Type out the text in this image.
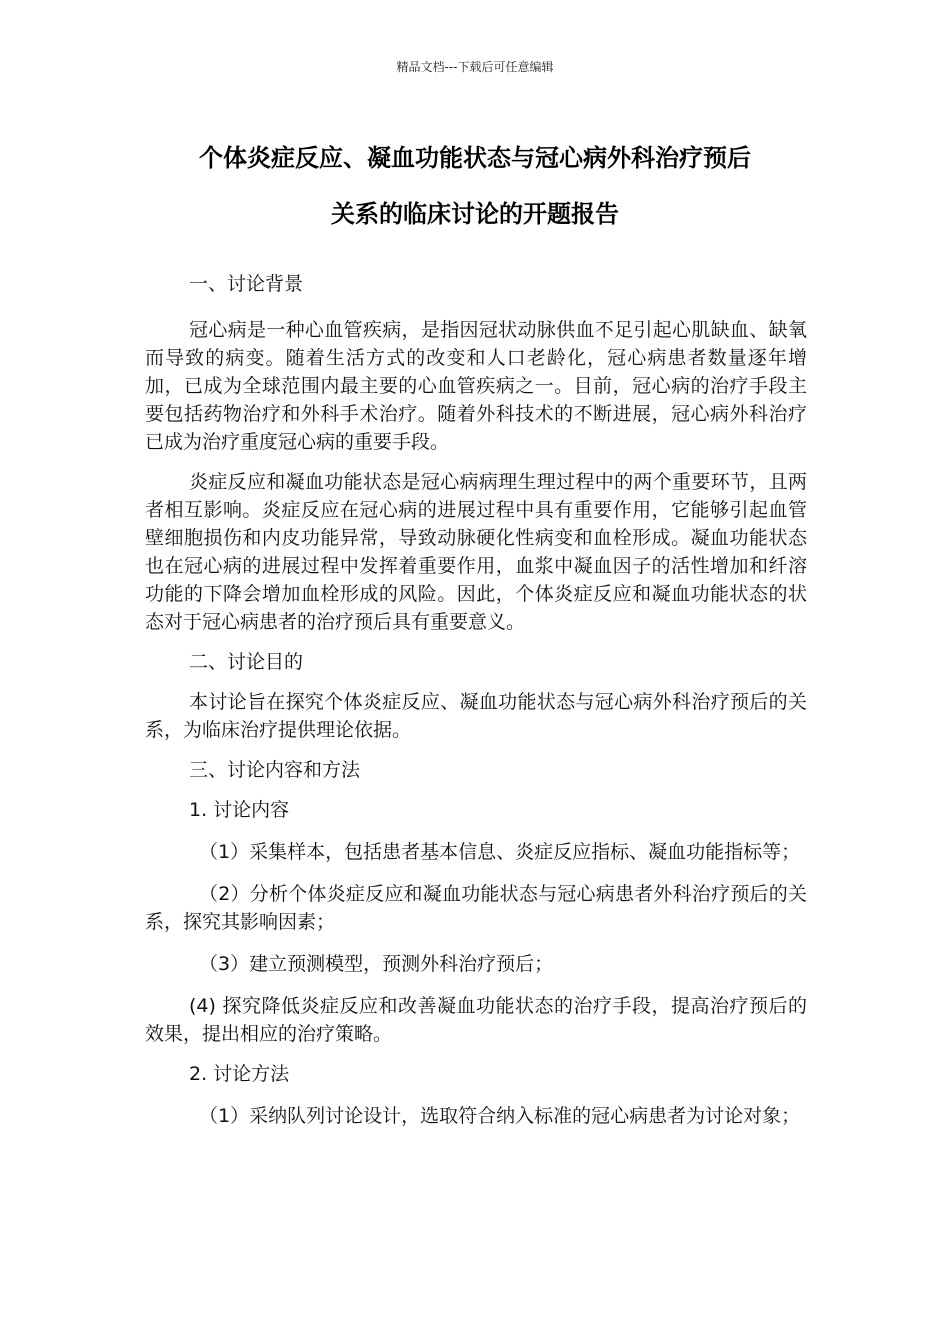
精品文档---下载后可任意编辑
个体炎症反应、凝血功能状态与冠心病外科治疗预后
关系的临床讨论的开题报告

一、讨论背景

冠心病是一种心血管疾病，是指因冠状动脉供血不足引起心肌缺血、缺氧而导致的病变。随着生活方式的改变和人口老龄化，冠心病患者数量逐年增加，已成为全球范围内最主要的心血管疾病之一。目前，冠心病的治疗手段主要包括药物治疗和外科手术治疗。随着外科技术的不断进展，冠心病外科治疗已成为治疗重度冠心病的重要手段。

炎症反应和凝血功能状态是冠心病病理生理过程中的两个重要环节，且两者相互影响。炎症反应在冠心病的进展过程中具有重要作用，它能够引起血管壁细胞损伤和内皮功能异常，导致动脉硬化性病变和血栓形成。凝血功能状态也在冠心病的进展过程中发挥着重要作用，血浆中凝血因子的活性增加和纤溶功能的下降会增加血栓形成的风险。因此，个体炎症反应和凝血功能状态的状态对于冠心病患者的治疗预后具有重要意义。

二、讨论目的

本讨论旨在探究个体炎症反应、凝血功能状态与冠心病外科治疗预后的关系，为临床治疗提供理论依据。

三、讨论内容和方法

1. 讨论内容

（1）采集样本，包括患者基本信息、炎症反应指标、凝血功能指标等；

（2）分析个体炎症反应和凝血功能状态与冠心病患者外科治疗预后的关系，探究其影响因素；

（3）建立预测模型，预测外科治疗预后；

(4) 探究降低炎症反应和改善凝血功能状态的治疗手段，提高治疗预后的效果，提出相应的治疗策略。

2. 讨论方法

（1）采纳队列讨论设计，选取符合纳入标准的冠心病患者为讨论对象；
